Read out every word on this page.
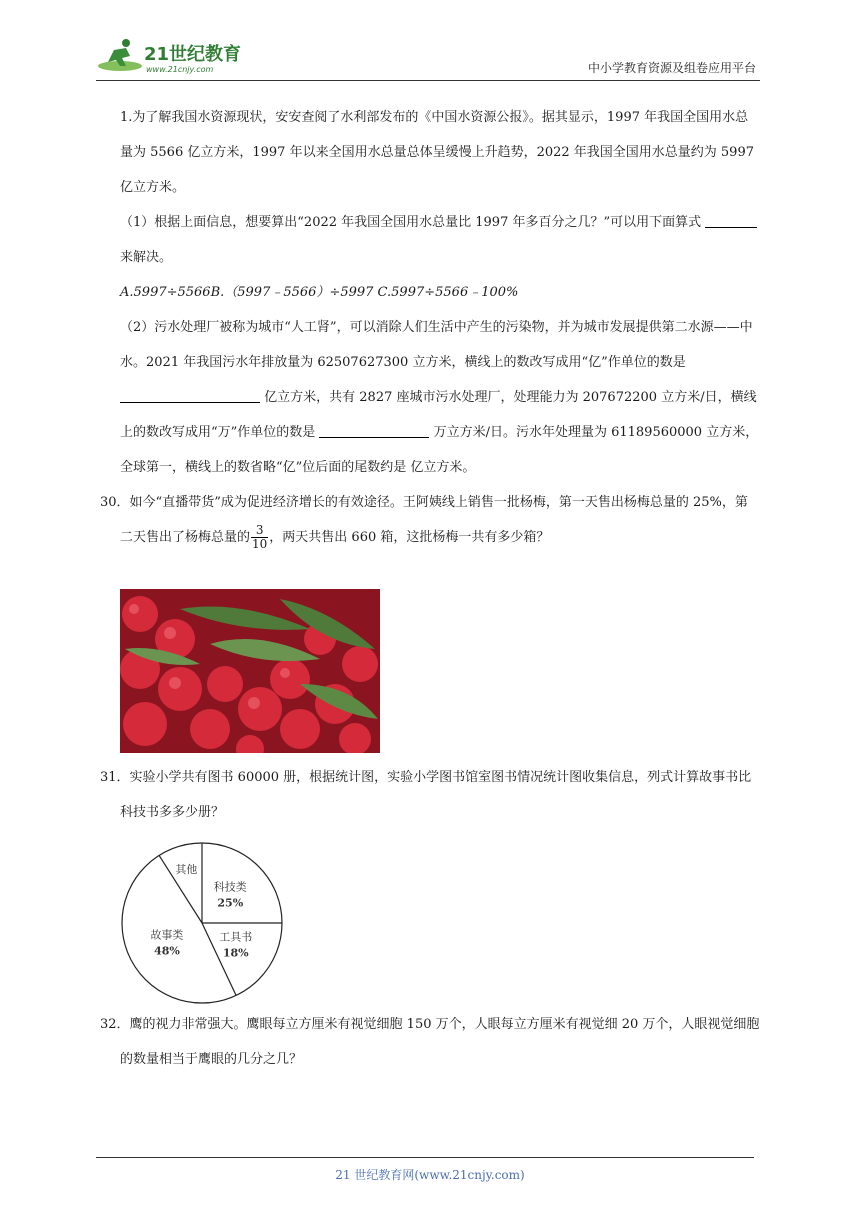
21世纪教育
www.21cnjy.com	中小学教育资源及组卷应用平台

1.为了解我国水资源现状，安安查阅了水利部发布的《中国水资源公报》。据其显示，1997 年我国全国用水总量为 5566 亿立方米，1997 年以来全国用水总量总体呈缓慢上升趋势，2022 年我国全国用水总量约为 5997 亿立方米。

（1）根据上面信息，想要算出“2022 年我国全国用水总量比 1997 年多百分之几？”可以用下面算式  来解决。

A.5997÷5566B.（5997﹣5566）÷5997 C.5997÷5566﹣100%

（2）污水处理厂被称为城市“人工肾”，可以消除人们生活中产生的污染物，并为城市发展提供第二水源——中水。2021 年我国污水年排放量为 62507627300 立方米，横线上的数改写成用“亿”作单位的数是  亿立方米，共有 2827 座城市污水处理厂，处理能力为 207672200 立方米/日，横线上的数改写成用“万”作单位的数是	万立方米/日。污水年处理量为 61189560000 立方米，全球第一，横线上的数省略“亿”位后面的尾数约是 亿立方米。

30．如今“直播带货”成为促进经济增长的有效途径。王阿姨线上销售一批杨梅，第一天售出杨梅总量的 25%，第二天售出了杨梅总量的 $\frac{3}{10}$ ，两天共售出 660 箱，这批杨梅一共有多少箱？

31．实验小学共有图书 60000 册，根据统计图，实验小学图书馆室图书情况统计图收集信息，列式计算故事书比科技书多多少册？

科技类
25%
工具书
18%
故事类
48%
其他

32．鹰的视力非常强大。鹰眼每立方厘米有视觉细胞 150 万个，人眼每立方厘米有视觉细 20 万个，人眼视觉细胞的数量相当于鹰眼的几分之几？

21 世纪教育网(www.21cnjy.com)
